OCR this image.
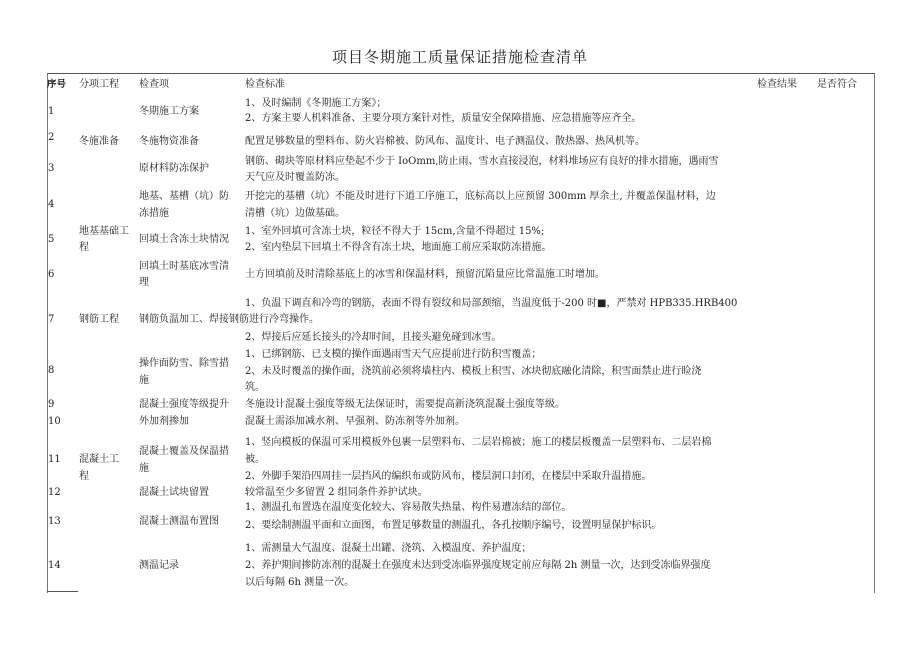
项目冬期施工质量保证措施检查清单
序号 分项工程 检查项	检查标准	检查结果 是否符合
1
2
3
4
5
6
7
8
9
10
11
12
13
14
冬施准备
地基基础工
程
钢筋工程
混凝土工
程
冬期施工方案
冬施物资准备
原材料防冻保护
地基、基槽（坑）防
冻措施
回填土含冻土块情况
回填土时基底冰雪清
理
钢筋负温加工、焊接钢筋进行冷弯操作。
操作面防雪、除雪措
施
混凝土强度等级提升
外加剂掺加
混凝土覆盖及保温措
施
混凝土试块留置
混凝土测温布置图
测温记录
1、及时编制《冬期施工方案》；
2、方案主要人机料准备、主要分项方案针对性，质量安全保障措施、应急措施等应齐全。
配置足够数量的塑料布、防火岩棉被、防风布、温度计、电子测温仪、散热器、热风机等。
钢筋、砌块等原材料应垫起不少于 IoOmm,防止雨、雪水直接浸泡，材料堆场应有良好的排水措施，遇雨雪
天气应及时覆盖防冻。
开挖完的基槽（坑）不能及时进行下道工序施工，底标高以上应预留 300mm 厚余土, 并覆盖保温材料，边
清槽（坑）边做基础。
1、室外回填可含冻土块，粒径不得大于 15cm,含量不得超过 15%;
2、室内垫层下回填土不得含有冻土块，地面施工前应采取防冻措施。
土方回填前及时清除基底上的冰雪和保温材料，预留沉陷量应比常温施工时增加。
1、负温下调直和冷弯的钢筋，表面不得有裂纹和局部颈缩，当温度低于-200 时■，严禁对 HPB335.HRB400
2、焊接后应延长接头的冷却时间，且接头避免碰到冰雪。
1、已绑钢筋、已支模的操作面遇雨雪天气应提前进行防积雪覆盖；
2、未及时覆盖的操作面，浇筑前必须将墙柱内、模板上积雪、冰块彻底融化清除，积雪面禁止进行睑浇
筑。
冬施设计混凝土强度等级无法保证时，需要提高新浇筑混凝土强度等级。
混凝土需添加减水剂、早强剂、防冻剂等外加剂。
1、竖向模板的保温可采用模板外包裹一层塑料布、二层岩棉被；施工的楼层板覆盖一层塑料布、二层岩棉
被。
2、外脚手架沿四周挂一层挡风的编织布或防风布，楼层洞口封闭，在楼层中采取升温措施。
较常温至少多留置 2 组同条件养护试块。
1、测温孔布置选在温度变化较大、容易散失热量、构件易遭冻结的部位。
2、要绘制测温平面和立面图，布置足够数量的测温孔，各孔按顺序编号，设置明显保护标识。
1、需测量大气温度、混凝土出罐、浇筑、入模温度、养护温度；
2、养护期间掺防冻剂的混凝土在强度未达到受冻临界强度规定前应每隔 2h 测量一次，达到受冻临界强度
以后每隔 6h 测量一次。
